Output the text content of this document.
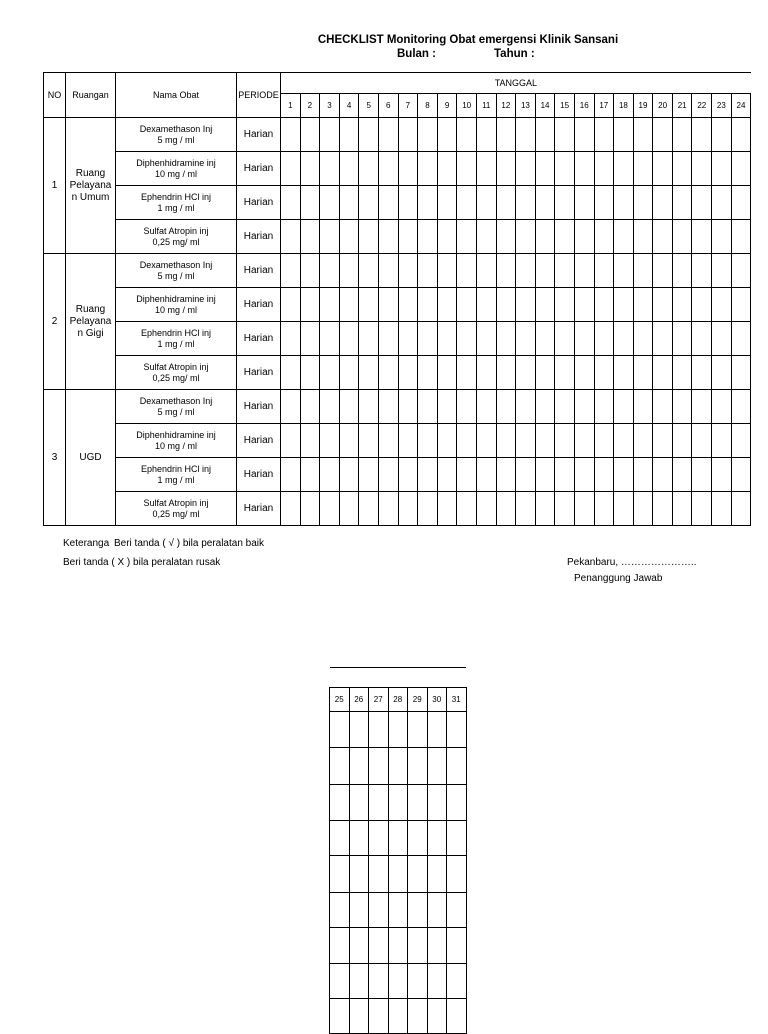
CHECKLIST Monitoring Obat emergensi Klinik Sansani
Bulan :	Tahun :
NO	Ruangan	Nama Obat	PERIODE	TANGGAL																							
				1	2	3	4	5	6	7	8	9	10	11	12	13	14	15	16	17	18	19	20	21	22	23	24
1	Ruang Pelayana n Umum	Dexamethason Inj
5 mg / ml	Harian																								

		Diphenhidramine inj
10 mg / ml	Harian																								

		Ephendrin HCl inj
1 mg / ml	Harian																								

		Sulfat Atropin inj
0,25 mg/ ml	Harian																								
2	Ruang Pelayana n Gigi	Dexamethason Inj
5 mg / ml	Harian																								

		Diphenhidramine inj
10 mg / ml	Harian																								

		Ephendrin HCl inj
1 mg / ml	Harian																								

		Sulfat Atropin inj
0,25 mg/ ml	Harian																								
3	UGD	Dexamethason Inj
5 mg / ml	Harian																								

		Diphenhidramine inj
10 mg / ml	Harian																								

		Ephendrin HCl inj
1 mg / ml	Harian																								

		Sulfat Atropin inj
0,25 mg/ ml	Harian																								
Keteranga Beri tanda ( √ ) bila peralatan baik
Beri tanda ( X ) bila peralatan rusak	Pekanbaru, …………………..
Penanggung Jawab

25	26	27	28	29	30	31
